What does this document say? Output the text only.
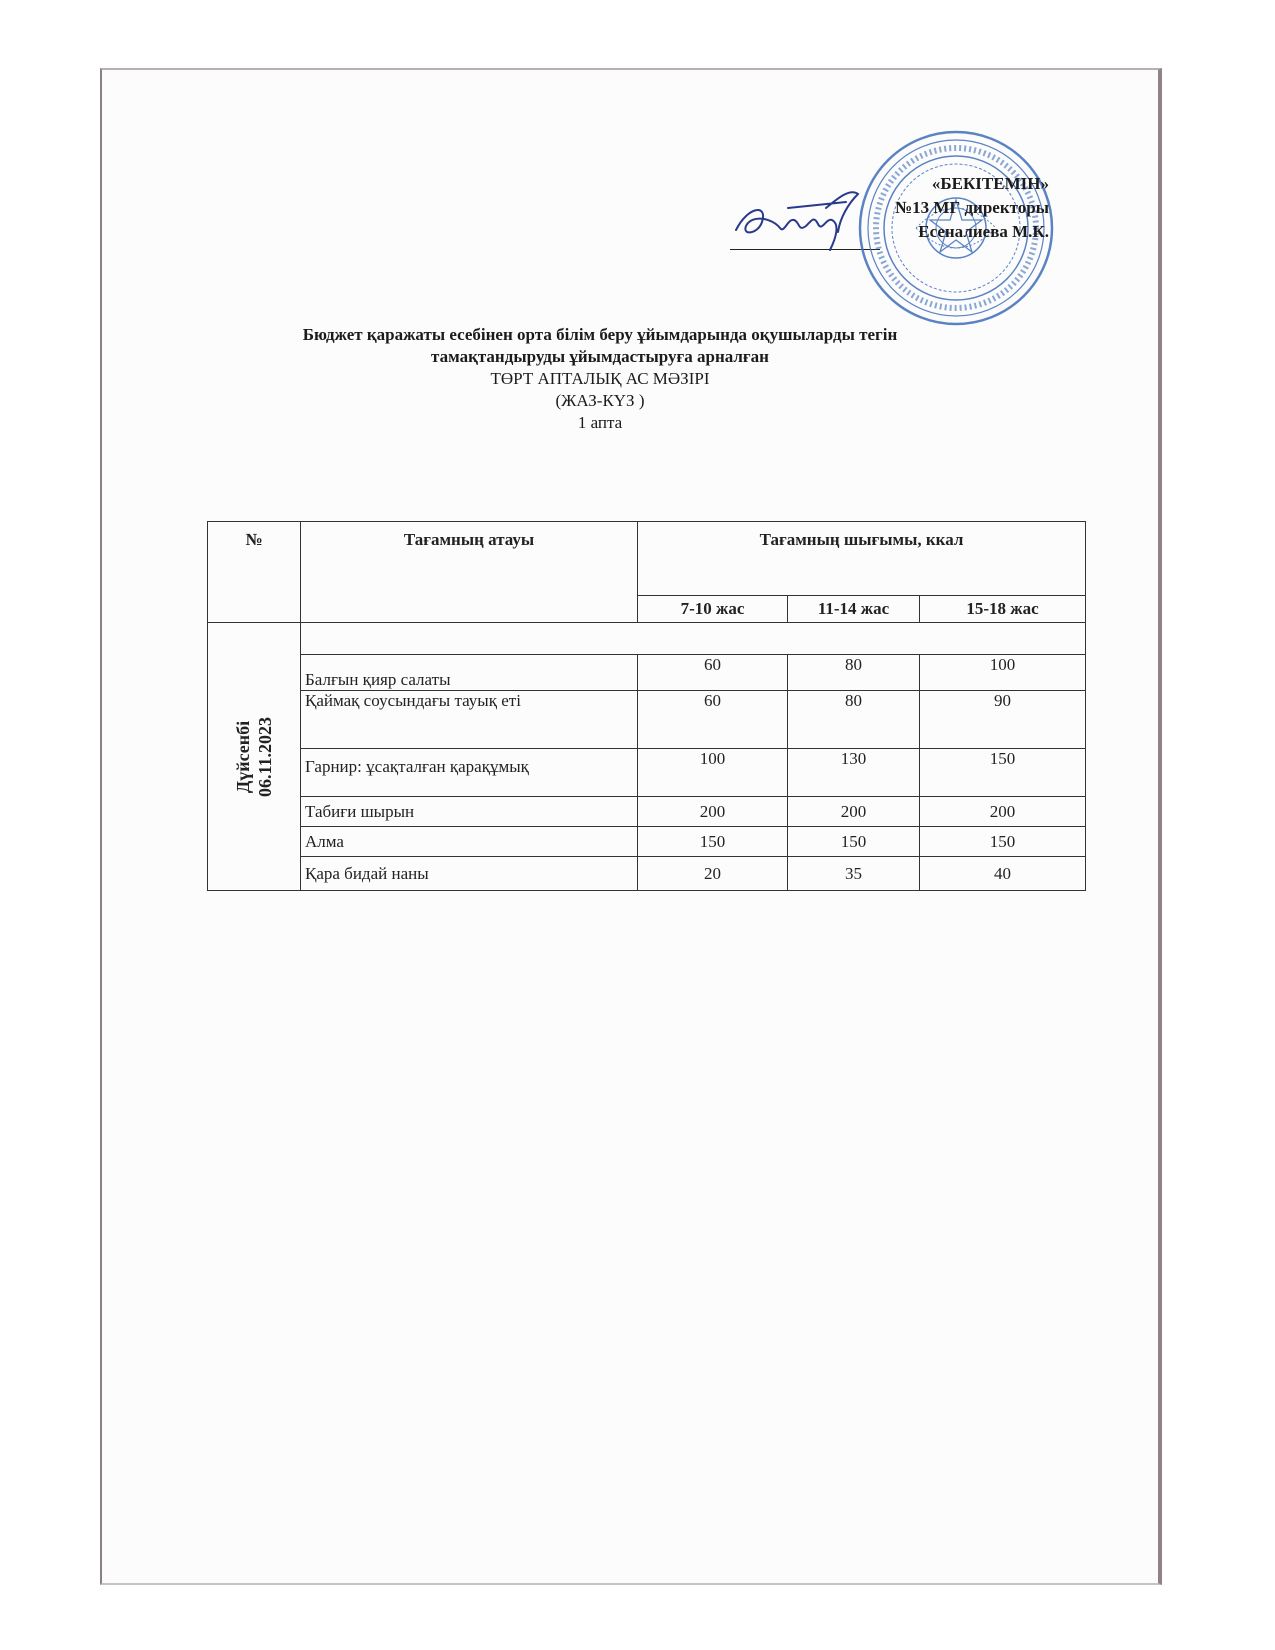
«БЕКІТЕМІН»
№13 МГ директоры
Есеналиева М.К.
Бюджет қаражаты есебінен орта білім беру ұйымдарында оқушыларды тегін
тамақтандыруды ұйымдастыруға арналған
ТӨРТ АПТАЛЫҚ АС МӘЗІРІ
(ЖАЗ-КҮЗ )
1 апта
№	Тағамның атауы	Тағамның шығымы, ккал		
		7-10 жас	11-14 жас	15-18 жас

Дүйсенбі 06.11.2023				

	Балғын қияр салаты	60	80	100
	Қаймақ соусындағы тауық еті	60	80	90
	Гарнир: ұсақталған қарақұмық	100	130	150
	Табиғи шырын	200	200	200
	Алма	150	150	150
	Қара бидай наны	20	35	40
